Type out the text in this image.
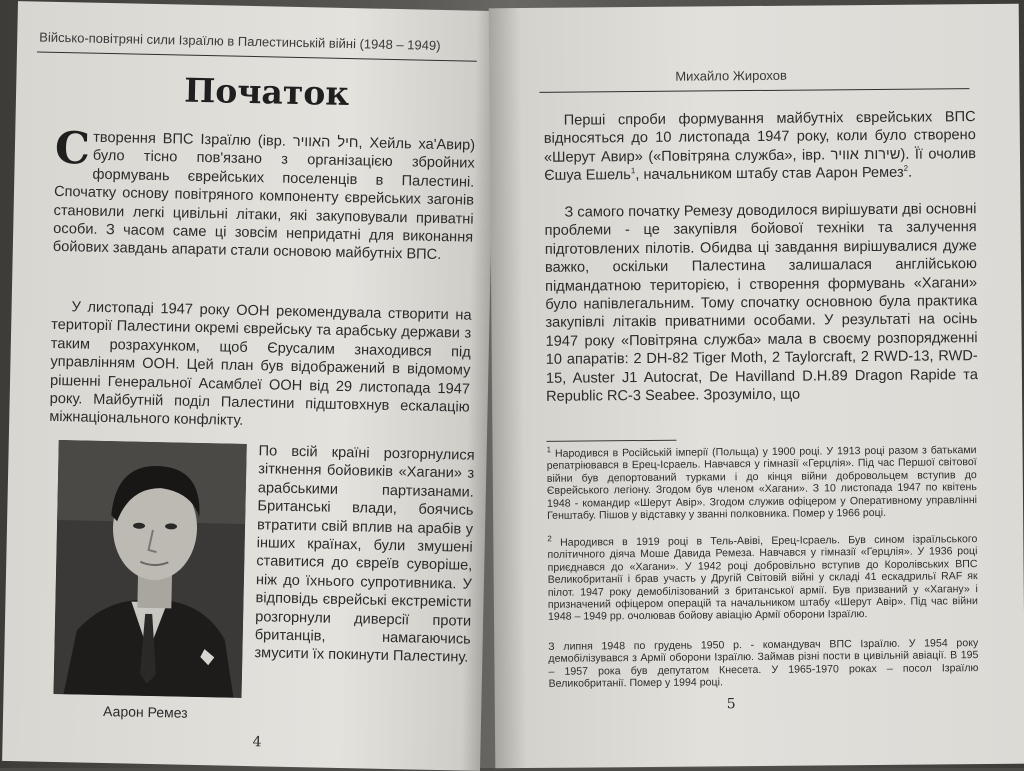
Військо-повітряні сили Ізраїлю в Палестинській війні (1948 – 1949)
Початок

Створення ВПС Ізраїлю (івр. חיל האוויר‎, Хейль ха'Авир) було тісно пов'язано з організацією збройних формувань єврейських поселенців в Палестині. Спочатку основу повітряного компоненту єврейських загонів становили легкі цивільні літаки, які закуповували приватні особи. З часом саме ці зовсім непридатні для виконання бойових завдань апарати стали основою майбутніх ВПС.

У листопаді 1947 року ООН рекомендувала створити на території Палестини окремі єврейську та арабську держави з таким розрахунком, щоб Єрусалим знаходився під управлінням ООН. Цей план був відображений в відомому рішенні Генеральної Асамблеї ООН від 29 листопада 1947 року. Майбутній поділ Палестини підштовхнув ескалацію міжнаціонального конфлікту.

Аарон Ремез

По всій країні розгорнулися зіткнення бойовиків «Хагани» з арабськими партизанами. Британські влади, боячись втратити свій вплив на арабів у інших країнах, були змушені ставитися до євреїв суворіше, ніж до їхнього супротивника. У відповідь єврейські екстремісти розгорнули диверсії проти британців, намагаючись змусити їх покинути Палестину.

4
Михайло Жирохов

Перші спроби формування майбутніх єврейських ВПС відносяться до 10 листопада 1947 року, коли було створено «Шерут Авир» («Повітряна служба», івр. שירות אוויר‎). Її очолив Єшуа Ешель$^1$, начальником штабу став Аарон Ремез$^2$.

З самого початку Ремезу доводилося вирішувати дві основні проблеми - це закупівля бойової техніки та залучення підготовлених пілотів. Обидва ці завдання вирішувалися дуже важко, оскільки Палестина залишалася англійською підмандатною територією, і створення формувань «Хагани» було напівлегальним. Тому спочатку основною була практика закупівлі літаків приватними особами. У результаті на осінь 1947 року «Повітряна служба» мала в своєму розпорядженні 10 апаратів: 2 DH-82 Tiger Moth, 2 Taylorcraft, 2 RWD-13, RWD-15, Auster J1 Autocrat, De Havilland D.H.89 Dragon Rapide та Republic RC-3 Seabee. Зрозуміло, що

$^1$ Народився в Російській імперії (Польща) у 1900 році. У 1913 році разом з батьками репатріювався в Ерец-Ісраель. Навчався у гімназії «Герцлія». Під час Першої світової війни був депортований турками і до кінця війни добровольцем вступив до Єврейського легіону. Згодом був членом «Хагани». З 10 листопада 1947 по квітень 1948 - командир «Шерут Авір». Згодом служив офіцером у Оперативному управлінні Генштабу. Пішов у відставку у званні полковника. Помер у 1966 році.

$^2$ Народився в 1919 році в Тель-Авіві, Ерец-Ісраель. Був сином ізраїльського політичного діяча Моше Давида Ремеза. Навчався у гімназії «Герцлія». У 1936 році приєднався до «Хагани». У 1942 році добровільно вступив до Королівських ВПС Великобританії і брав участь у Другій Світовій війні у складі 41 ескадрильї RAF як пілот. 1947 року демобілізований з британської армії. Був призваний у «Хагану» і призначений офіцером операцій та начальником штабу «Шерут Авір». Під час війни 1948 – 1949 рр. очолював бойову авіацію Армії оборони Ізраїлю.

З липня 1948 по грудень 1950 р. - командувач ВПС Ізраїлю. У 1954 року демобілізувався з Армії оборони Ізраїлю. Займав різні пости в цивільній авіації. В 195 – 1957 рока був депутатом Кнесета. У 1965-1970 роках – посол Ізраїлю Великобританії. Помер у 1994 році.

5
